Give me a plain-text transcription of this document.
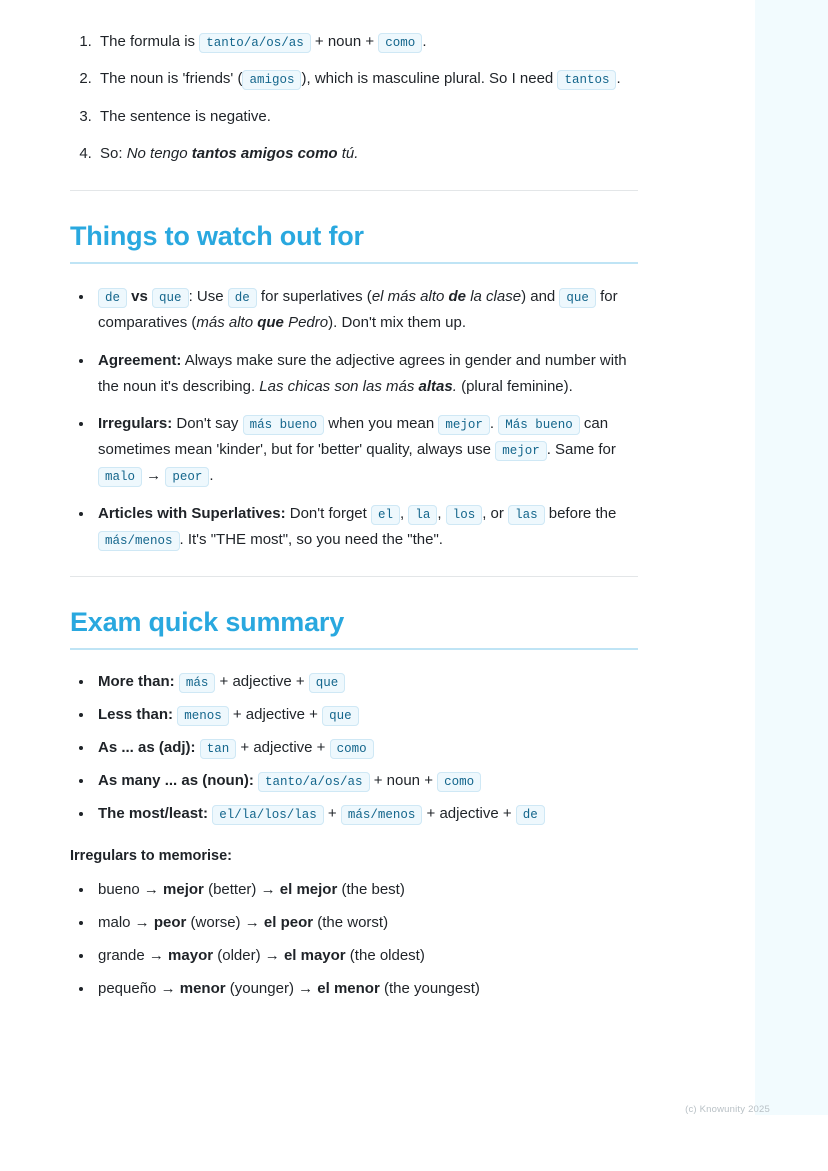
1. The formula is tanto/a/os/as + noun + como .
2. The noun is 'friends' ( amigos ), which is masculine plural. So I need tantos .
3. The sentence is negative.
4. So: No tengo tantos amigos como tú.
Things to watch out for
• de vs que : Use de for superlatives (el más alto de la clase) and que for comparatives (más alto que Pedro). Don't mix them up.
• Agreement: Always make sure the adjective agrees in gender and number with the noun it's describing. Las chicas son las más altas. (plural feminine).
• Irregulars: Don't say más bueno when you mean mejor . Más bueno can sometimes mean 'kinder', but for 'better' quality, always use mejor . Same for malo → peor .
• Articles with Superlatives: Don't forget el , la , los , or las before the más/menos . It's "THE most", so you need the "the".
Exam quick summary
• More than: más + adjective + que
• Less than: menos + adjective + que
• As ... as (adj): tan + adjective + como
• As many ... as (noun): tanto/a/os/as + noun + como
• The most/least: el/la/los/las + más/menos + adjective + de
Irregulars to memorise:
• bueno → mejor (better) → el mejor (the best)
• malo → peor (worse) → el peor (the worst)
• grande → mayor (older) → el mayor (the oldest)
• pequeño → menor (younger) → el menor (the youngest)
(c) Knowunity 2025
